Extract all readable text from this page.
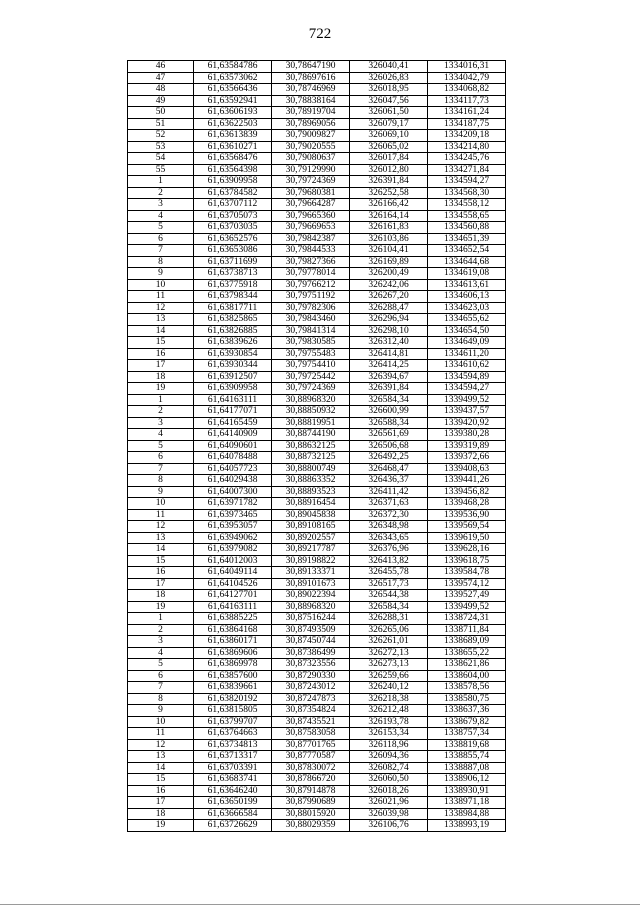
722
46	61,63584786	30,78647190	326040,41	1334016,31
47	61,63573062	30,78697616	326026,83	1334042,79
48	61,63566436	30,78746969	326018,95	1334068,82
49	61,63592941	30,78838164	326047,56	1334117,73
50	61,63606193	30,78919704	326061,50	1334161,24
51	61,63622503	30,78969056	326079,17	1334187,75
52	61,63613839	30,79009827	326069,10	1334209,18
53	61,63610271	30,79020555	326065,02	1334214,80
54	61,63568476	30,79080637	326017,84	1334245,76
55	61,63564398	30,79129990	326012,80	1334271,84
1	61,63909958	30,79724369	326391,84	1334594,27
2	61,63784582	30,79680381	326252,58	1334568,30
3	61,63707112	30,79664287	326166,42	1334558,12
4	61,63705073	30,79665360	326164,14	1334558,65
5	61,63703035	30,79669653	326161,83	1334560,88
6	61,63652576	30,79842387	326103,86	1334651,39
7	61,63653086	30,79844533	326104,41	1334652,54
8	61,63711699	30,79827366	326169,89	1334644,68
9	61,63738713	30,79778014	326200,49	1334619,08
10	61,63775918	30,79766212	326242,06	1334613,61
11	61,63798344	30,79751192	326267,20	1334606,13
12	61,63817711	30,79782306	326288,47	1334623,03
13	61,63825865	30,79843460	326296,94	1334655,62
14	61,63826885	30,79841314	326298,10	1334654,50
15	61,63839626	30,79830585	326312,40	1334649,09
16	61,63930854	30,79755483	326414,81	1334611,20
17	61,63930344	30,79754410	326414,25	1334610,62
18	61,63912507	30,79725442	326394,67	1334594,89
19	61,63909958	30,79724369	326391,84	1334594,27
1	61,64163111	30,88968320	326584,34	1339499,52
2	61,64177071	30,88850932	326600,99	1339437,57
3	61,64165459	30,88819951	326588,34	1339420,92
4	61,64140909	30,88744190	326561,69	1339380,28
5	61,64090601	30,88632125	326506,68	1339319,89
6	61,64078488	30,88732125	326492,25	1339372,66
7	61,64057723	30,88800749	326468,47	1339408,63
8	61,64029438	30,88863352	326436,37	1339441,26
9	61,64007300	30,88893523	326411,42	1339456,82
10	61,63971782	30,88916454	326371,63	1339468,28
11	61,63973465	30,89045838	326372,30	1339536,90
12	61,63953057	30,89108165	326348,98	1339569,54
13	61,63949062	30,89202557	326343,65	1339619,50
14	61,63979082	30,89217787	326376,96	1339628,16
15	61,64012003	30,89198822	326413,82	1339618,75
16	61,64049114	30,89133371	326455,78	1339584,78
17	61,64104526	30,89101673	326517,73	1339574,12
18	61,64127701	30,89022394	326544,38	1339527,49
19	61,64163111	30,88968320	326584,34	1339499,52
1	61,63885225	30,87516244	326288,31	1338724,31
2	61,63864168	30,87493509	326265,06	1338711,84
3	61,63860171	30,87450744	326261,01	1338689,09
4	61,63869606	30,87386499	326272,13	1338655,22
5	61,63869978	30,87323556	326273,13	1338621,86
6	61,63857600	30,87290330	326259,66	1338604,00
7	61,63839661	30,87243012	326240,12	1338578,56
8	61,63820192	30,87247873	326218,38	1338580,75
9	61,63815805	30,87354824	326212,48	1338637,36
10	61,63799707	30,87435521	326193,78	1338679,82
11	61,63764663	30,87583058	326153,34	1338757,34
12	61,63734813	30,87701765	326118,96	1338819,68
13	61,63713317	30,87770587	326094,36	1338855,74
14	61,63703391	30,87830072	326082,74	1338887,08
15	61,63683741	30,87866720	326060,50	1338906,12
16	61,63646240	30,87914878	326018,26	1338930,91
17	61,63650199	30,87990689	326021,96	1338971,18
18	61,63666584	30,88015920	326039,98	1338984,88
19	61,63726629	30,88029359	326106,76	1338993,19
